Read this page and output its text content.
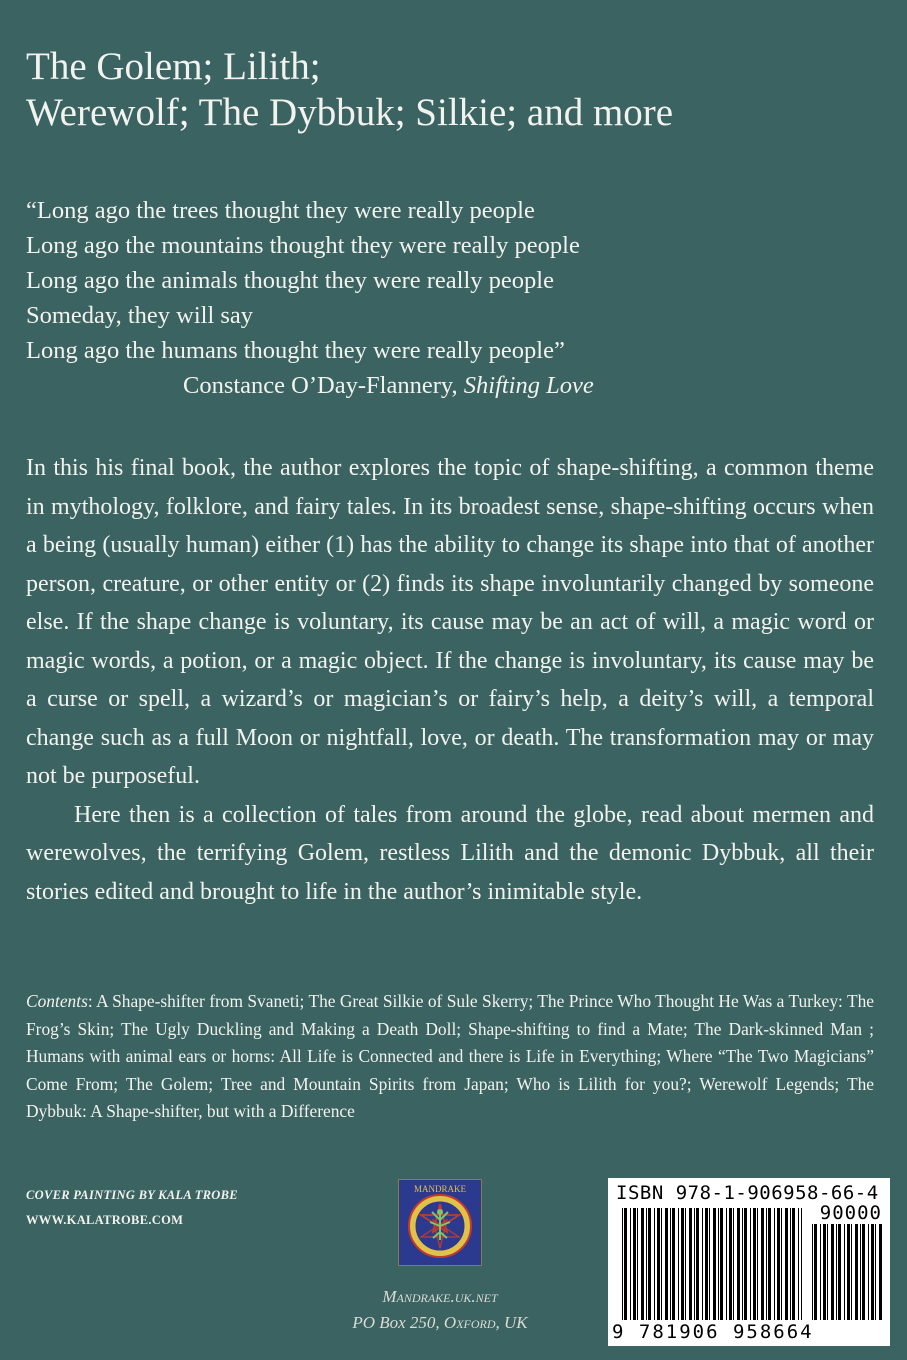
The Golem; Lilith;
Werewolf; The Dybbuk; Silkie; and more
“Long ago the trees thought they were really people
Long ago the mountains thought they were really people
Long ago the animals thought they were really people
Someday, they will say
Long ago the humans thought they were really people”
Constance O’Day-Flannery, Shifting Love

In this his final book, the author explores the topic of shape-shifting, a common theme in mythology, folklore, and fairy tales. In its broadest sense, shape-shifting occurs when a being (usually human) either (1) has the ability to change its shape into that of another person, creature, or other entity or (2) finds its shape involuntarily changed by someone else. If the shape change is voluntary, its cause may be an act of will, a magic word or magic words, a potion, or a magic object. If the change is involuntary, its cause may be a curse or spell, a wizard’s or magician’s or fairy’s help, a deity’s will, a temporal change such as a full Moon or nightfall, love, or death. The transformation may or may not be purposeful.

Here then is a collection of tales from around the globe, read about mermen and werewolves, the terrifying Golem, restless Lilith and the demonic Dybbuk, all their stories edited and brought to life in the author’s inimitable style.

Contents: A Shape-shifter from Svaneti; The Great Silkie of Sule Skerry; The Prince Who Thought He Was a Turkey: The Frog’s Skin; The Ugly Duckling and Making a Death Doll; Shape-shifting to find a Mate; The Dark-skinned Man ; Humans with animal ears or horns: All Life is Connected and there is Life in Everything; Where “The Two Magicians” Come From; The Golem; Tree and Mountain Spirits from Japan; Who is Lilith for you?; Werewolf Legends; The Dybbuk: A Shape-shifter, but with a Difference
COVER PAINTING BY KALA TROBE
WWW.KALATROBE.COM
MANDRAKE
Mandrake.uk.net
PO Box 250, Oxford, UK
ISBN 978-1-906958-66-4
90000
9 781906 958664
